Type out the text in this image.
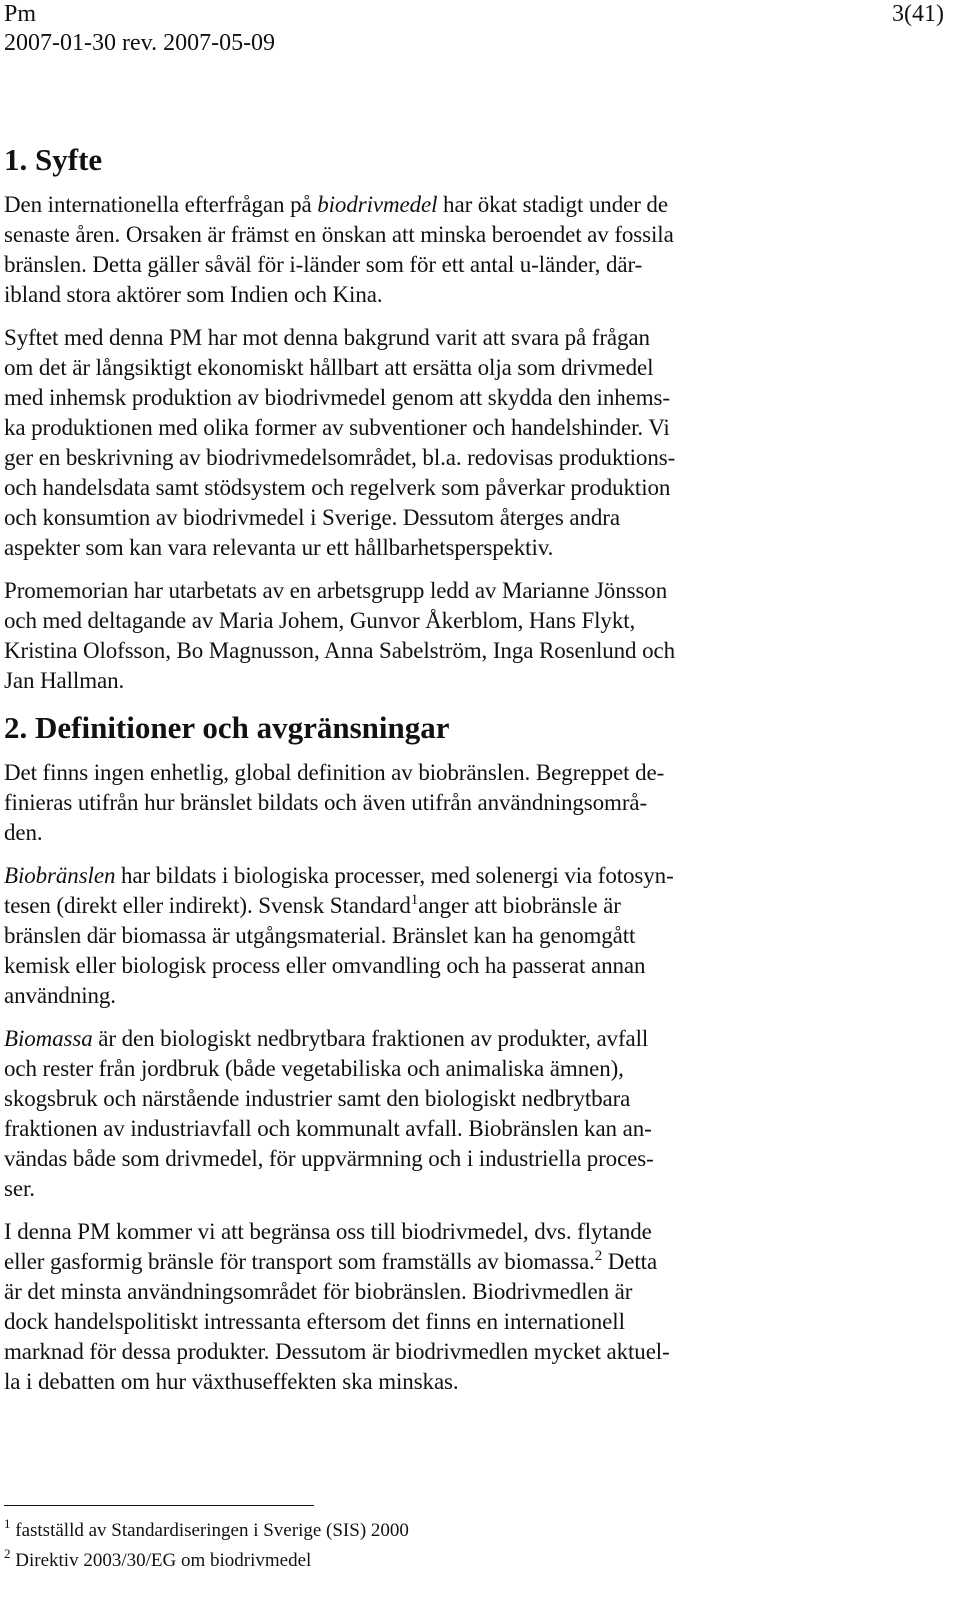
Pm
2007-01-30 rev. 2007-05-09
3(41)
1. Syfte

Den internationella efterfrågan på biodrivmedel har ökat stadigt under de
senaste åren. Orsaken är främst en önskan att minska beroendet av fossila
bränslen. Detta gäller såväl för i-länder som för ett antal u-länder, där-
ibland stora aktörer som Indien och Kina.

Syftet med denna PM har mot denna bakgrund varit att svara på frågan
om det är långsiktigt ekonomiskt hållbart att ersätta olja som drivmedel
med inhemsk produktion av biodrivmedel genom att skydda den inhems-
ka produktionen med olika former av subventioner och handelshinder. Vi
ger en beskrivning av biodrivmedelsområdet, bl.a. redovisas produktions-
och handelsdata samt stödsystem och regelverk som påverkar produktion
och konsumtion av biodrivmedel i Sverige. Dessutom återges andra
aspekter som kan vara relevanta ur ett hållbarhetsperspektiv.

Promemorian har utarbetats av en arbetsgrupp ledd av Marianne Jönsson
och med deltagande av Maria Johem, Gunvor Åkerblom, Hans Flykt,
Kristina Olofsson, Bo Magnusson, Anna Sabelström, Inga Rosenlund och
Jan Hallman.

2. Definitioner och avgränsningar

Det finns ingen enhetlig, global definition av biobränslen. Begreppet de-
finieras utifrån hur bränslet bildats och även utifrån användningsområ-
den.

Biobränslen har bildats i biologiska processer, med solenergi via fotosyn-
tesen (direkt eller indirekt). Svensk Standard$^1$anger att biobränsle är
bränslen där biomassa är utgångsmaterial. Bränslet kan ha genomgått
kemisk eller biologisk process eller omvandling och ha passerat annan
användning.

Biomassa är den biologiskt nedbrytbara fraktionen av produkter, avfall
och rester från jordbruk (både vegetabiliska och animaliska ämnen),
skogsbruk och närstående industrier samt den biologiskt nedbrytbara
fraktionen av industriavfall och kommunalt avfall. Biobränslen kan an-
vändas både som drivmedel, för uppvärmning och i industriella proces-
ser.

I denna PM kommer vi att begränsa oss till biodrivmedel, dvs. flytande
eller gasformig bränsle för transport som framställs av biomassa.$^2$ Detta
är det minsta användningsområdet för biobränslen. Biodrivmedlen är
dock handelspolitiskt intressanta eftersom det finns en internationell
marknad för dessa produkter. Dessutom är biodrivmedlen mycket aktuel-
la i debatten om hur växthuseffekten ska minskas.

$^1$ fastställd av Standardiseringen i Sverige (SIS) 2000
$^2$ Direktiv 2003/30/EG om biodrivmedel
